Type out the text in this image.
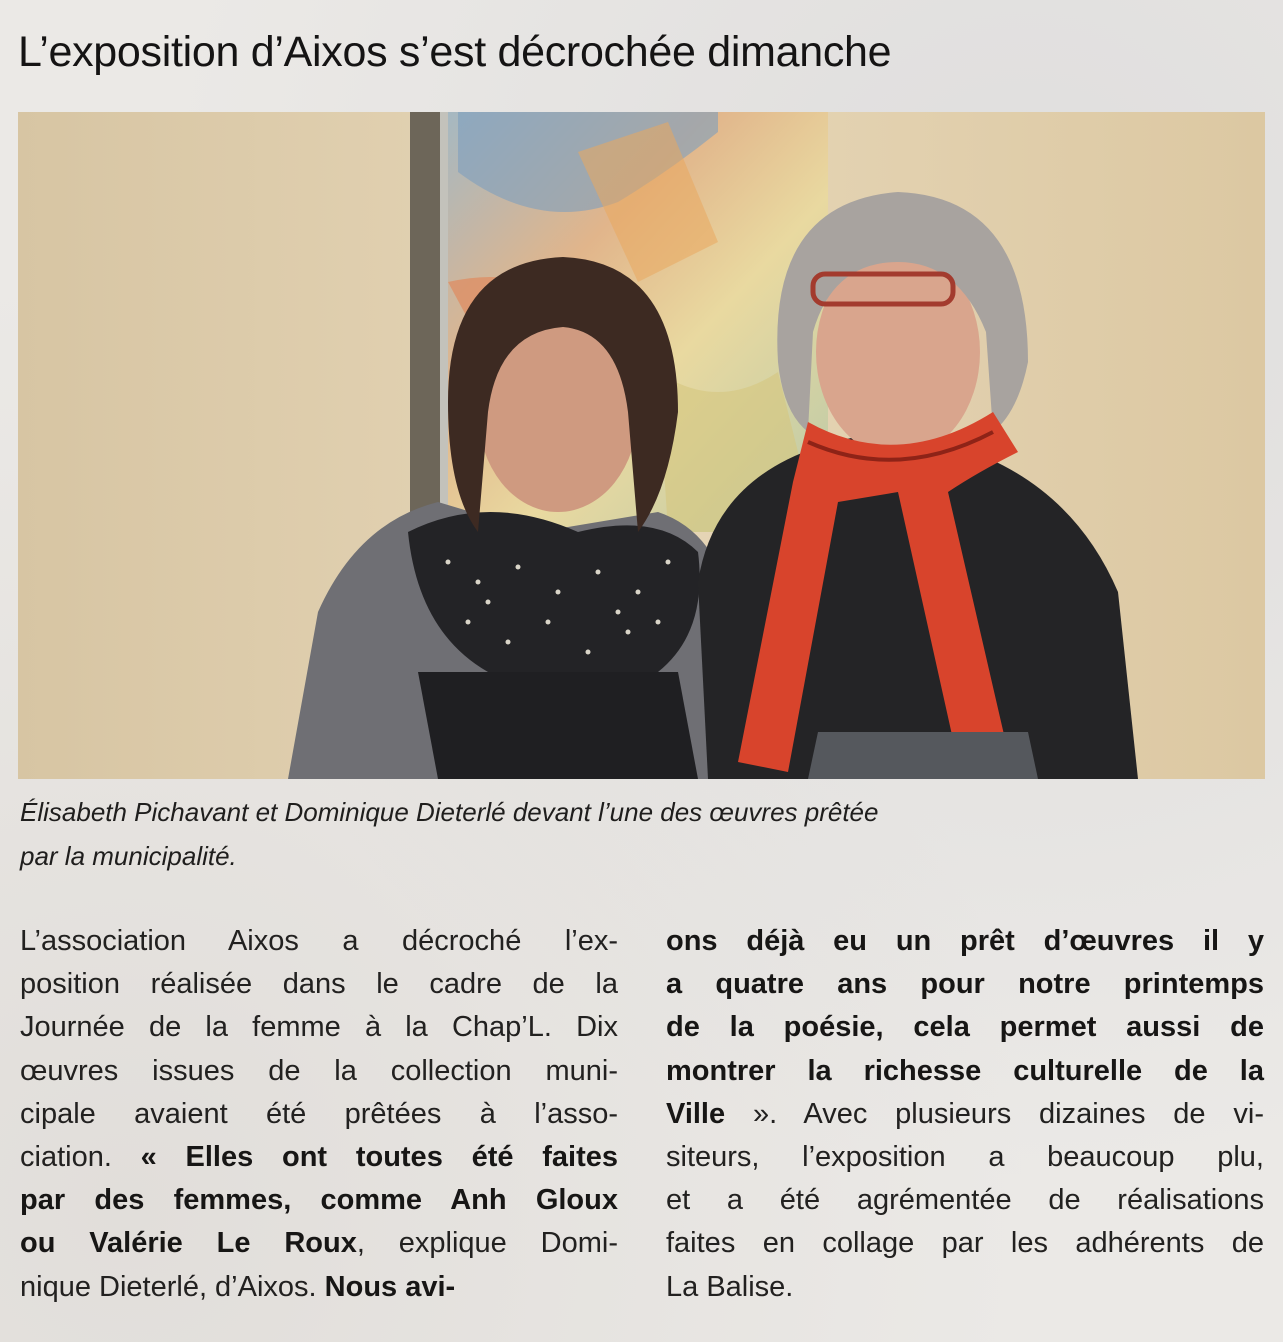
L’exposition d’Aixos s’est décrochée dimanche
Élisabeth Pichavant et Dominique Dieterlé devant l’une des œuvres prêtée
par la municipalité.
L’association Aixos a décroché l’ex-
position réalisée dans le cadre de la
Journée de la femme à la Chap’L. Dix
œuvres issues de la collection muni-
cipale avaient été prêtées à l’asso-
ciation. « Elles ont toutes été faites
par des femmes, comme Anh Gloux
ou Valérie Le Roux, explique Domi-
nique Dieterlé, d’Aixos. Nous avi-
ons déjà eu un prêt d’œuvres il y
a quatre ans pour notre printemps
de la poésie, cela permet aussi de
montrer la richesse culturelle de la
Ville ». Avec plusieurs dizaines de vi-
siteurs, l’exposition a beaucoup plu,
et a été agrémentée de réalisations
faites en collage par les adhérents de
La Balise.
